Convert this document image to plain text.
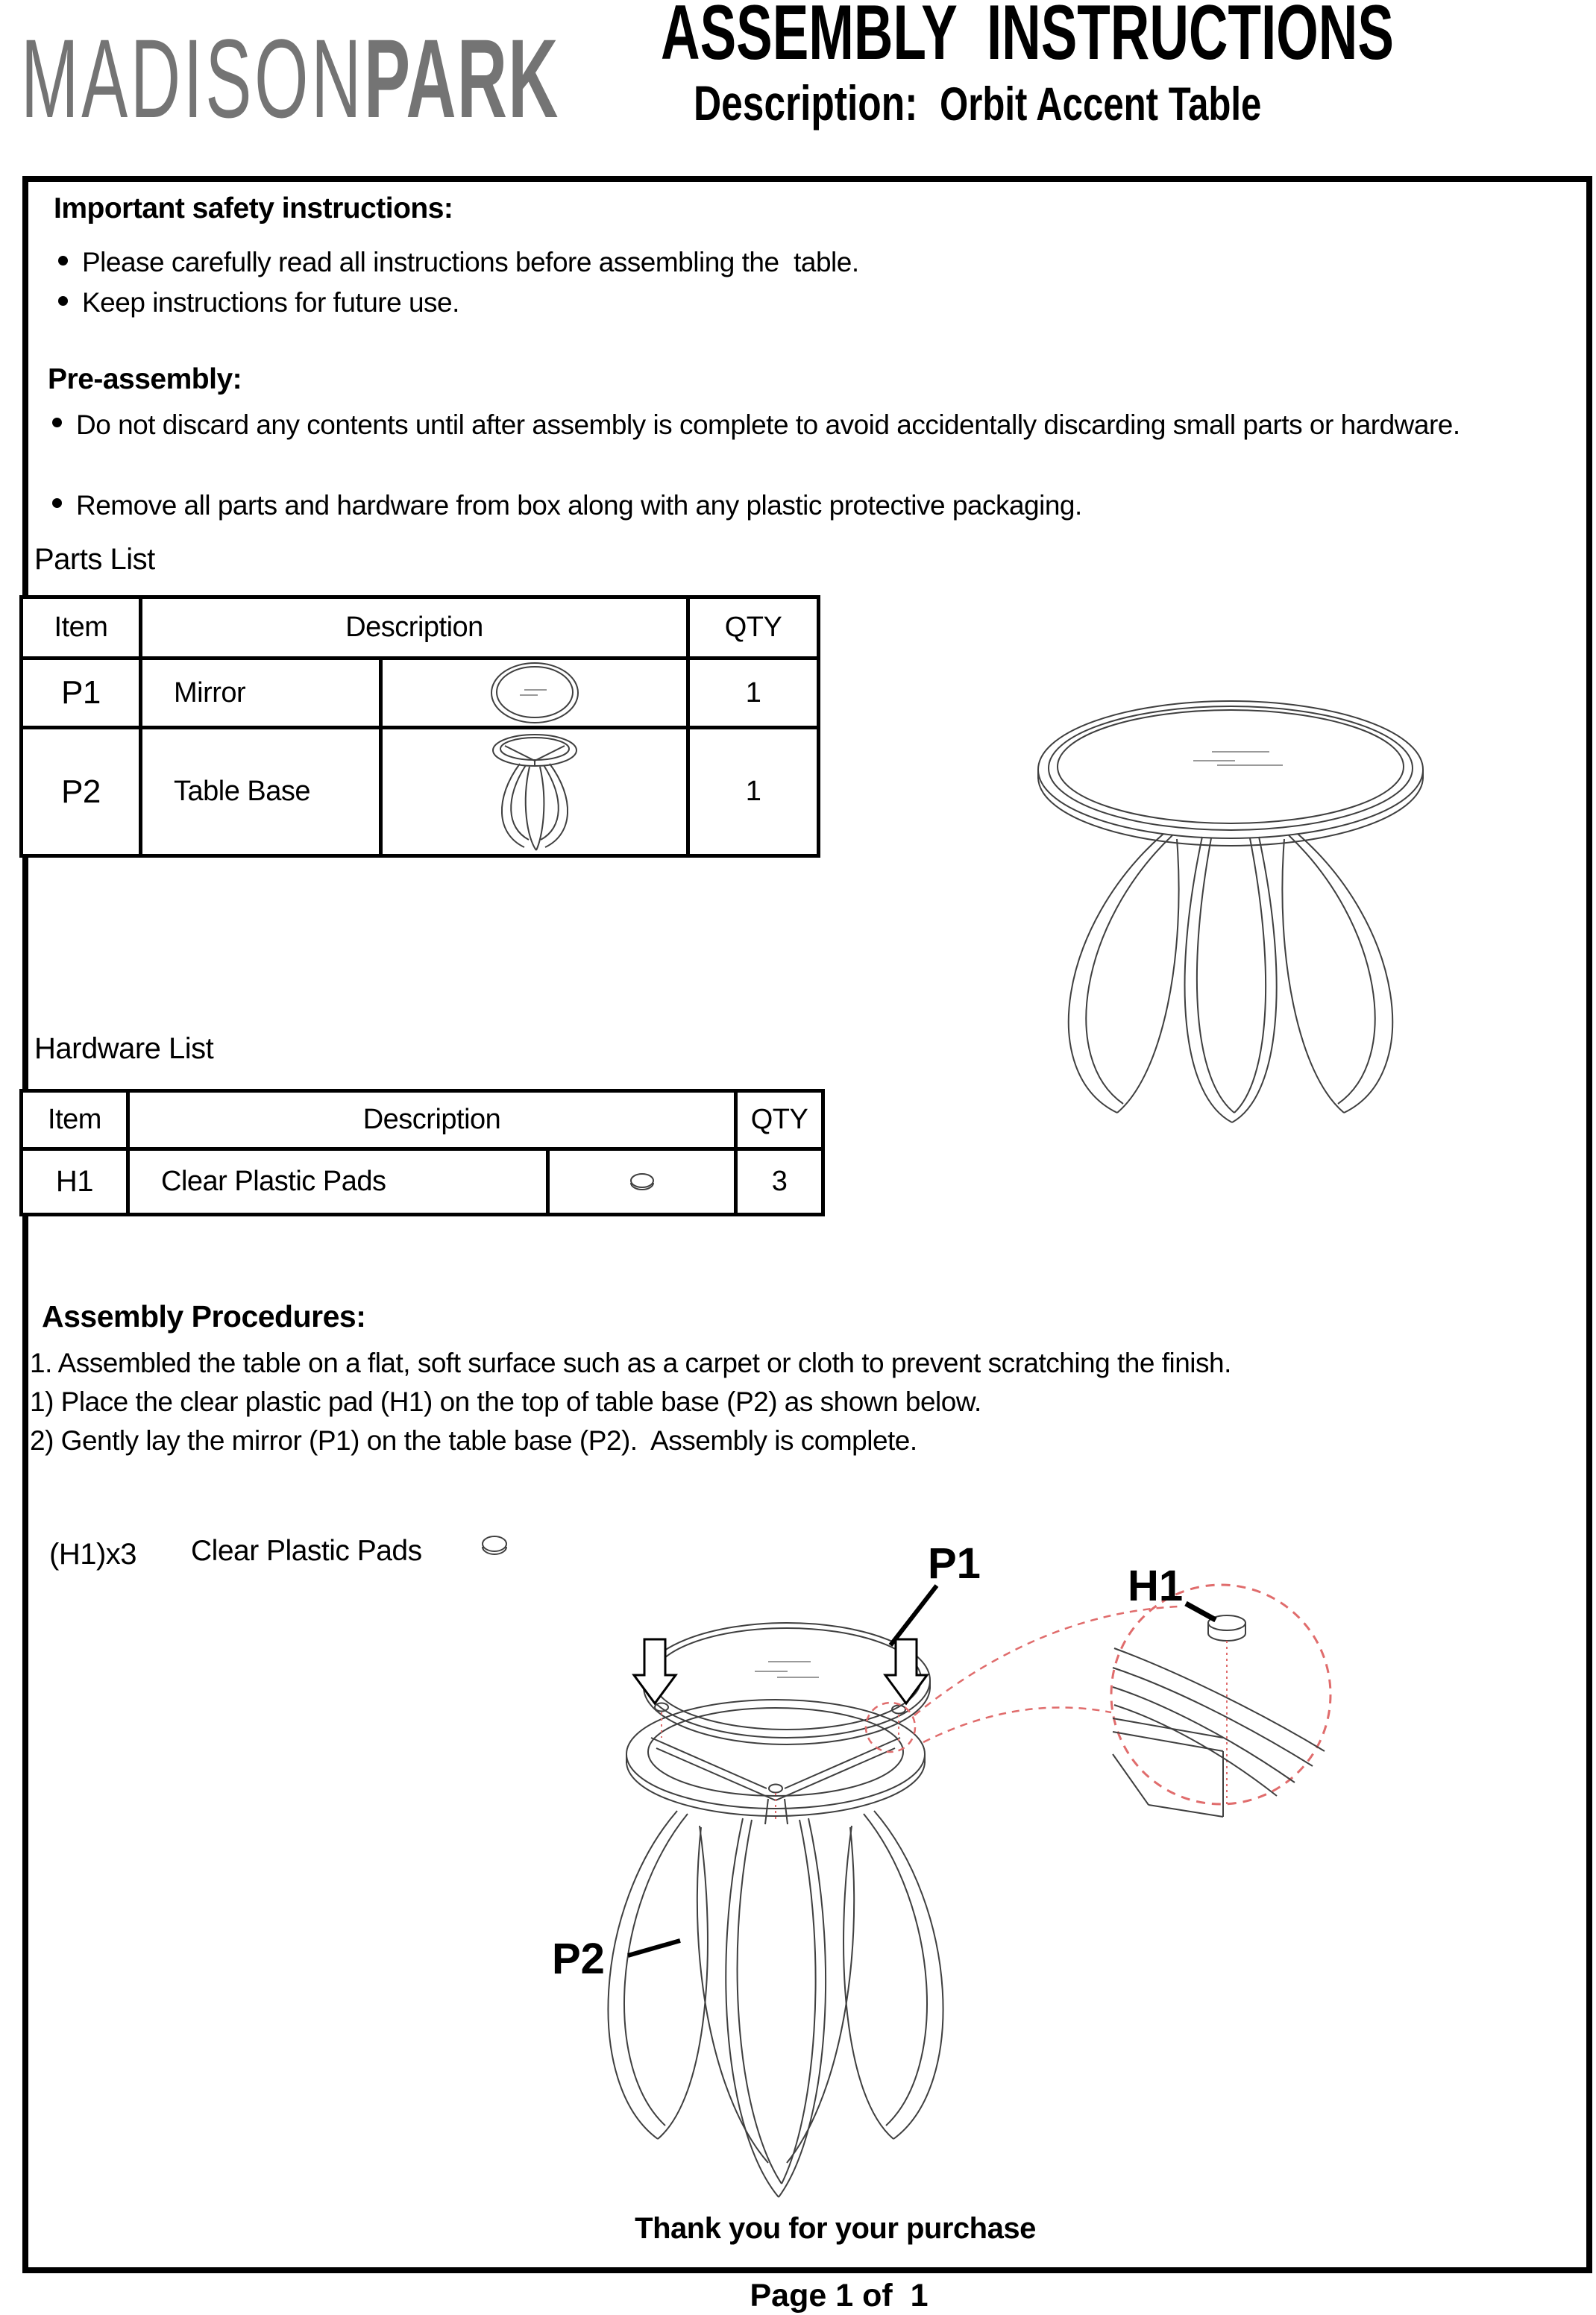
MADISONPARK ASSEMBLY  INSTRUCTIONS
Description: Orbit Accent Table
Important safety instructions:
Please carefully read all instructions before assembling the  table.
Keep instructions for future use.
Pre-assembly:
Do not discard any contents until after assembly is complete to avoid accidentally discarding small parts or hardware.
Remove all parts and hardware from box along with any plastic protective packaging.
Parts List
Item	Description		QTY
P1	Mirror		1
P2	Table Base		1
Hardware List
Item	Description		QTY
H1	Clear Plastic Pads		3
Assembly Procedures:
1. Assembled the table on a flat, soft surface such as a carpet or cloth to prevent scratching the finish.
1) Place the clear plastic pad (H1) on the top of table base (P2) as shown below.
2) Gently lay the mirror (P1) on the table base (P2).  Assembly is complete.
(H1)x3 Clear Plastic Pads	P1
P2
H1
Thank you for your purchase
Page 1 of  1
